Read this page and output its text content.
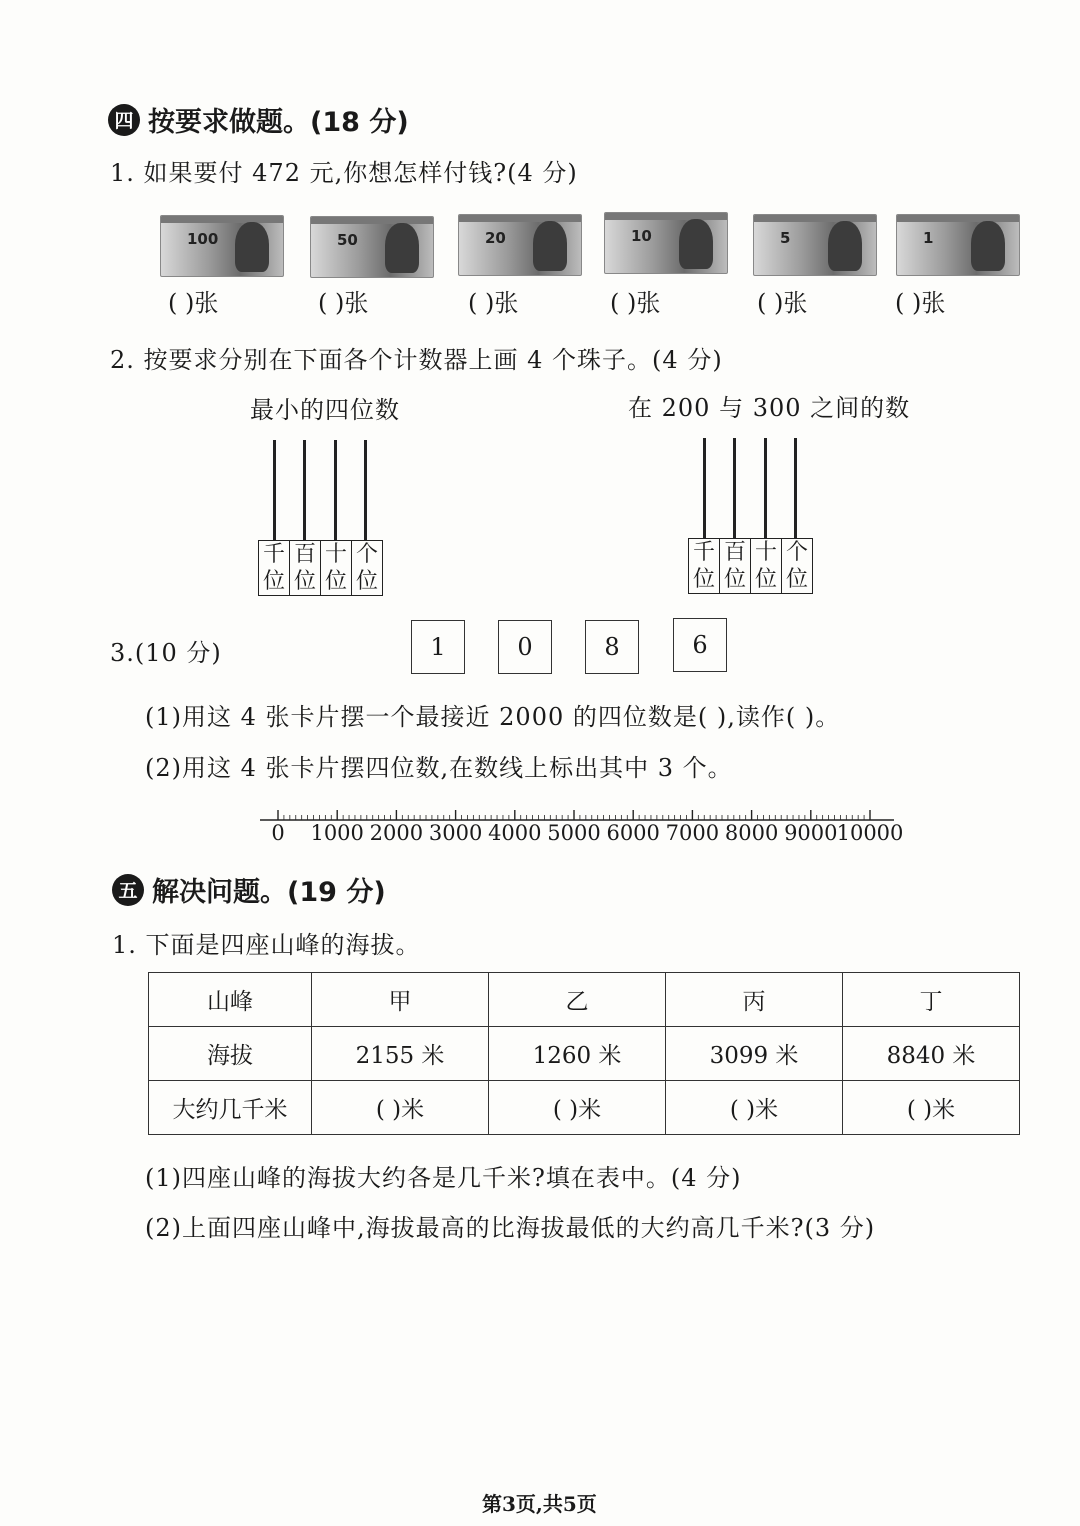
四 按要求做题。(18 分)
1. 如果要付 472 元,你想怎样付钱?(4 分)
100
( )张
50
( )张
20
( )张
10
( )张
5
( )张
1
( )张
2. 按要求分别在下面各个计数器上画 4 个珠子。(4 分)
最小的四位数	在 200 与 300 之间的数
千
位
百
位
十
位
个
位
千
位
百
位
十
位
个
位
3.(10 分)	1	0	8	6
(1)用这 4 张卡片摆一个最接近 2000 的四位数是( ),读作( )。
(2)用这 4 张卡片摆四位数,在数线上标出其中 3 个。
0 1000 2000 3000 4000 5000 6000 7000 8000 9000 10000
五 解决问题。(19 分)
1. 下面是四座山峰的海拔。
山峰	甲	乙	丙	丁
海拔	2155 米	1260 米	3099 米	8840 米
大约几千米	( )米	( )米	( )米	( )米
(1)四座山峰的海拔大约各是几千米?填在表中。(4 分)
(2)上面四座山峰中,海拔最高的比海拔最低的大约高几千米?(3 分)
第3页,共5页
